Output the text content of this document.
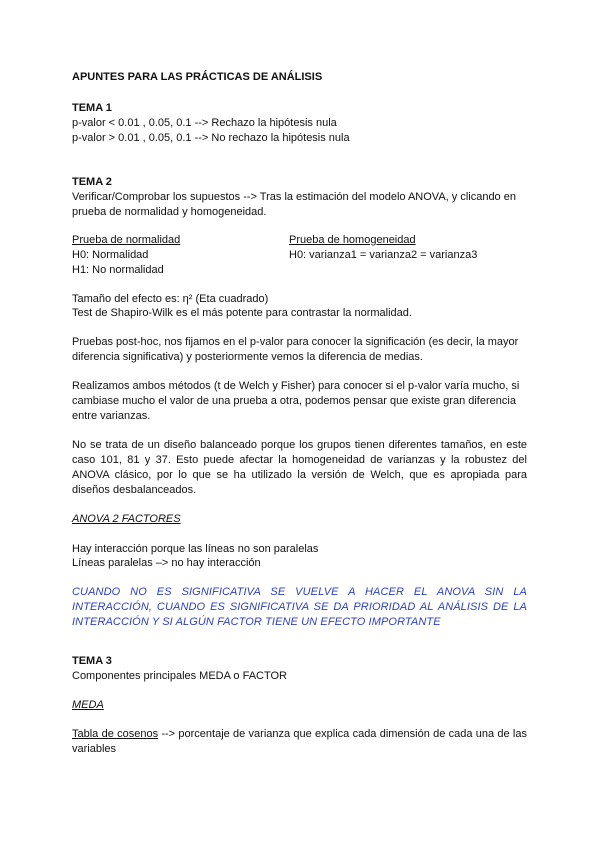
APUNTES PARA LAS PRÁCTICAS DE ANÁLISIS
TEMA 1
p-valor < 0.01 , 0.05, 0.1 --> Rechazo la hipótesis nula
p-valor > 0.01 , 0.05, 0.1 --> No rechazo la hipótesis nula
TEMA 2
Verificar/Comprobar los supuestos --> Tras la estimación del modelo ANOVA, y clicando en prueba de normalidad y homogeneidad.
Prueba de normalidad	Prueba de homogeneidad
H0: Normalidad	H0: varianza1 = varianza2 = varianza3
H1: No normalidad
Tamaño del efecto es: η² (Eta cuadrado)
Test de Shapiro-Wilk es el más potente para contrastar la normalidad.
Pruebas post-hoc, nos fijamos en el p-valor para conocer la significación (es decir, la mayor diferencia significativa) y posteriormente vemos la diferencia de medias.
Realizamos ambos métodos (t de Welch y Fisher) para conocer si el p-valor varía mucho, si cambiase mucho el valor de una prueba a otra, podemos pensar que existe gran diferencia entre varianzas.
No se trata de un diseño balanceado porque los grupos tienen diferentes tamaños, en este caso 101, 81 y 37. Esto puede afectar la homogeneidad de varianzas y la robustez del ANOVA clásico, por lo que se ha utilizado la versión de Welch, que es apropiada para diseños desbalanceados.
ANOVA 2 FACTORES
Hay interacción porque las líneas no son paralelas
Líneas paralelas –> no hay interacción
CUANDO NO ES SIGNIFICATIVA SE VUELVE A HACER EL ANOVA SIN LA INTERACCIÓN, CUANDO ES SIGNIFICATIVA SE DA PRIORIDAD AL ANÁLISIS DE LA INTERACCIÓN Y SI ALGÚN FACTOR TIENE UN EFECTO IMPORTANTE
TEMA 3
Componentes principales MEDA o FACTOR
MEDA
Tabla de cosenos --> porcentaje de varianza que explica cada dimensión de cada una de las variables
